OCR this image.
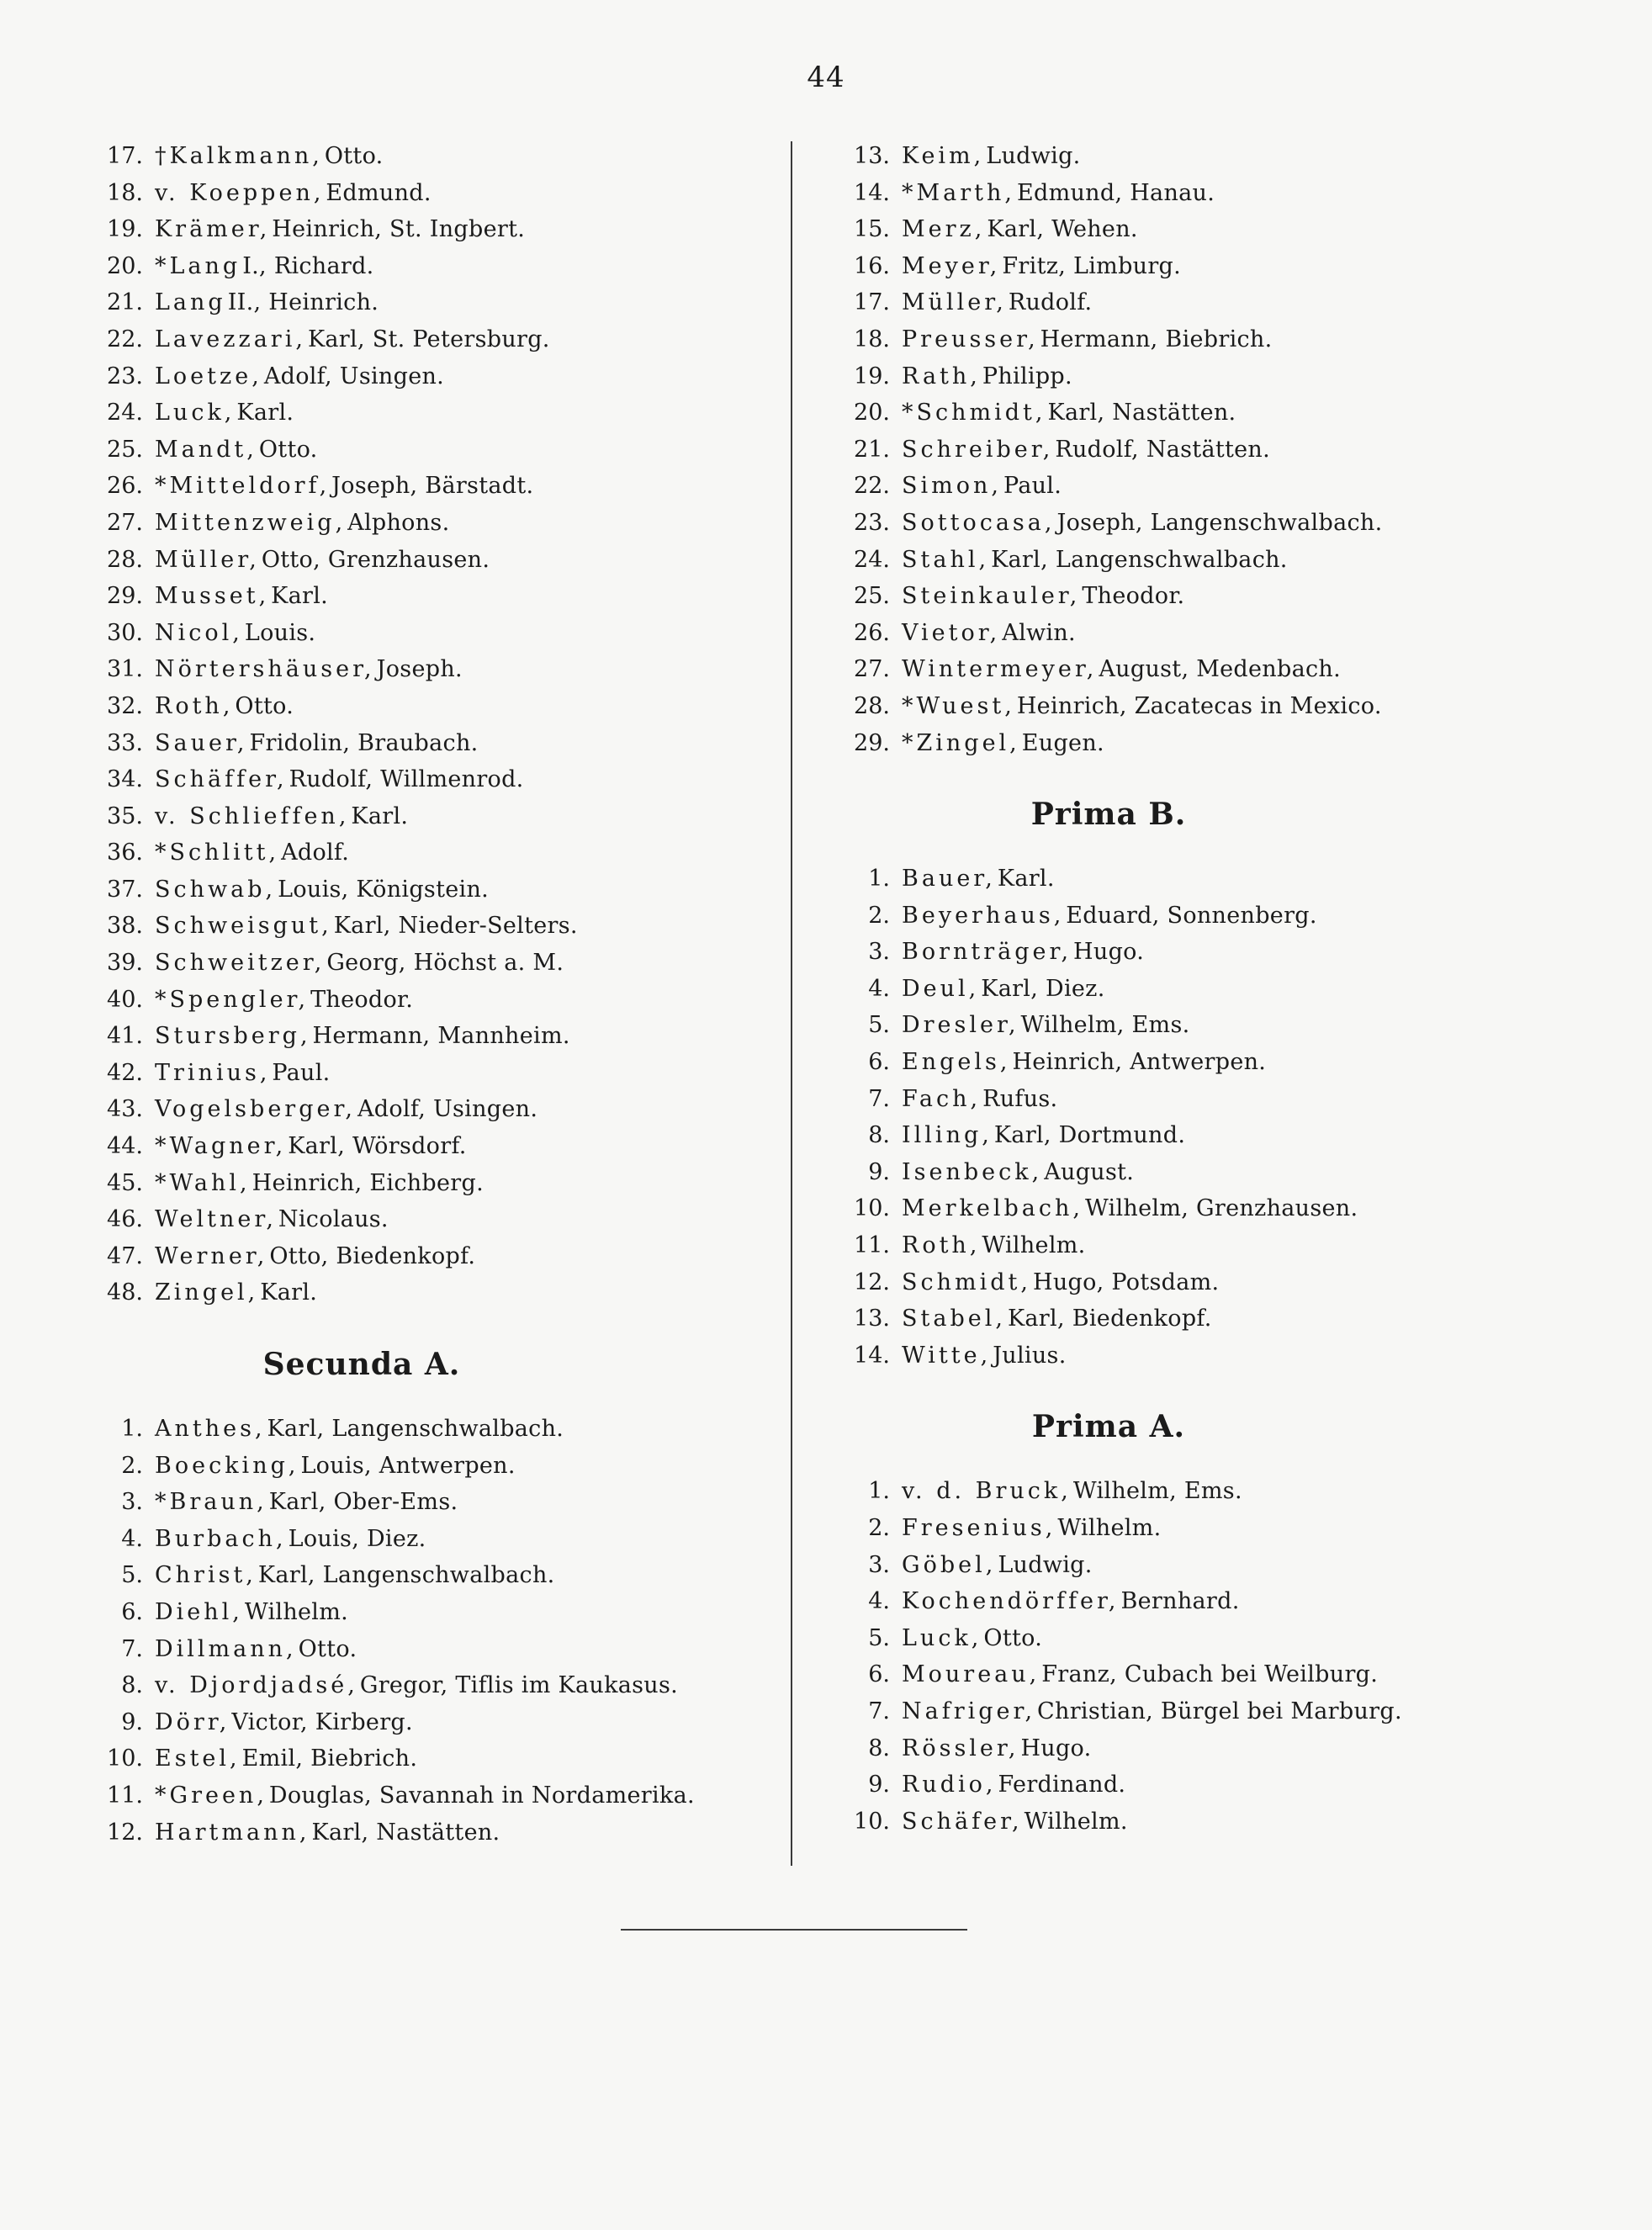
44
17. †Kalkmann, Otto.
18. v. Koeppen, Edmund.
19. Krämer, Heinrich, St. Ingbert.
20. *Lang I., Richard.
21. Lang II., Heinrich.
22. Lavezzari, Karl, St. Petersburg.
23. Loetze, Adolf, Usingen.
24. Luck, Karl.
25. Mandt, Otto.
26. *Mitteldorf, Joseph, Bärstadt.
27. Mittenzweig, Alphons.
28. Müller, Otto, Grenzhausen.
29. Musset, Karl.
30. Nicol, Louis.
31. Nörtershäuser, Joseph.
32. Roth, Otto.
33. Sauer, Fridolin, Braubach.
34. Schäffer, Rudolf, Willmenrod.
35. v. Schlieffen, Karl.
36. *Schlitt, Adolf.
37. Schwab, Louis, Königstein.
38. Schweisgut, Karl, Nieder-Selters.
39. Schweitzer, Georg, Höchst a. M.
40. *Spengler, Theodor.
41. Stursberg, Hermann, Mannheim.
42. Trinius, Paul.
43. Vogelsberger, Adolf, Usingen.
44. *Wagner, Karl, Wörsdorf.
45. *Wahl, Heinrich, Eichberg.
46. Weltner, Nicolaus.
47. Werner, Otto, Biedenkopf.
48. Zingel, Karl.
Secunda A.
1. Anthes, Karl, Langenschwalbach.
2. Boecking, Louis, Antwerpen.
3. *Braun, Karl, Ober-Ems.
4. Burbach, Louis, Diez.
5. Christ, Karl, Langenschwalbach.
6. Diehl, Wilhelm.
7. Dillmann, Otto.
8. v. Djordjadsé, Gregor, Tiflis im Kaukasus.
9. Dörr, Victor, Kirberg.
10. Estel, Emil, Biebrich.
11. *Green, Douglas, Savannah in Nordamerika.
12. Hartmann, Karl, Nastätten.
13. Keim, Ludwig.
14. *Marth, Edmund, Hanau.
15. Merz, Karl, Wehen.
16. Meyer, Fritz, Limburg.
17. Müller, Rudolf.
18. Preusser, Hermann, Biebrich.
19. Rath, Philipp.
20. *Schmidt, Karl, Nastätten.
21. Schreiber, Rudolf, Nastätten.
22. Simon, Paul.
23. Sottocasa, Joseph, Langenschwalbach.
24. Stahl, Karl, Langenschwalbach.
25. Steinkauler, Theodor.
26. Vietor, Alwin.
27. Wintermeyer, August, Medenbach.
28. *Wuest, Heinrich, Zacatecas in Mexico.
29. *Zingel, Eugen.
Prima B.
1. Bauer, Karl.
2. Beyerhaus, Eduard, Sonnenberg.
3. Bornträger, Hugo.
4. Deul, Karl, Diez.
5. Dresler, Wilhelm, Ems.
6. Engels, Heinrich, Antwerpen.
7. Fach, Rufus.
8. Illing, Karl, Dortmund.
9. Isenbeck, August.
10. Merkelbach, Wilhelm, Grenzhausen.
11. Roth, Wilhelm.
12. Schmidt, Hugo, Potsdam.
13. Stabel, Karl, Biedenkopf.
14. Witte, Julius.
Prima A.
1. v. d. Bruck, Wilhelm, Ems.
2. Fresenius, Wilhelm.
3. Göbel, Ludwig.
4. Kochendörffer, Bernhard.
5. Luck, Otto.
6. Moureau, Franz, Cubach bei Weilburg.
7. Nafriger, Christian, Bürgel bei Marburg.
8. Rössler, Hugo.
9. Rudio, Ferdinand.
10. Schäfer, Wilhelm.
